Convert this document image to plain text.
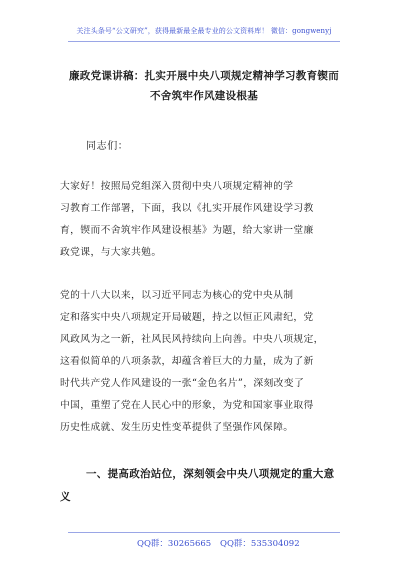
关注头条号“公文研究”，获得最新最全最专业的公文资料库！ 微信：gongwenyj
廉政党课讲稿：扎实开展中央八项规定精神学习教育锲而
不舍筑牢作风建设根基
同志们：
大家好！按照局党组深入贯彻中央八项规定精神的学
习教育工作部署，下面，我以《扎实开展作风建设学习教
育，锲而不舍筑牢作风建设根基》为题，给大家讲一堂廉
政党课，与大家共勉。
党的十八大以来，以习近平同志为核心的党中央从制
定和落实中央八项规定开局破题，持之以恒正风肃纪，党
风政风为之一新，社风民风持续向上向善。中央八项规定，
这看似简单的八项条款，却蕴含着巨大的力量，成为了新
时代共产党人作风建设的一张“金色名片”，深刻改变了
中国，重塑了党在人民心中的形象，为党和国家事业取得
历史性成就、发生历史性变革提供了坚强作风保障。
一、提高政治站位，深刻领会中央八项规定的重大意
义
QQ群：30265665 QQ群：535304092
